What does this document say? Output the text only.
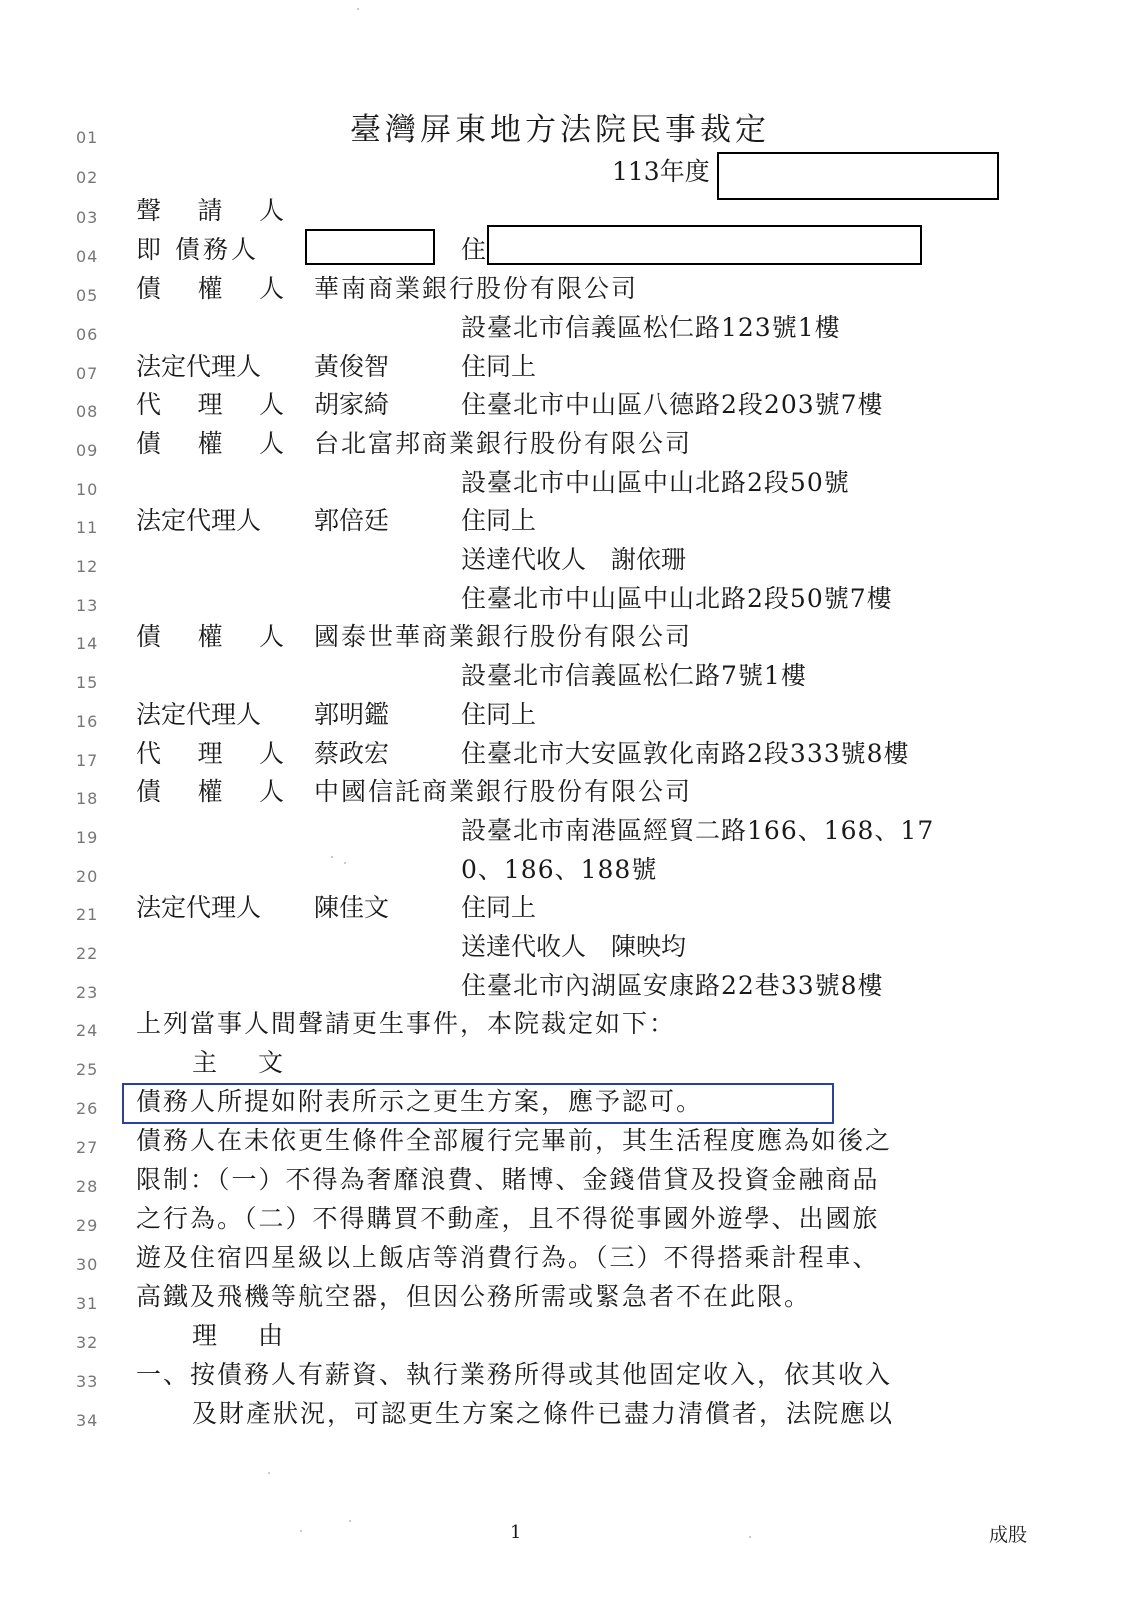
臺灣屏東地方法院民事裁定
01
02
03
04
05
06
07
08
09
10
11
12
13
14
15
16
17
18
19
20
21
22
23
24
25
26
27
28
29
30
31
32
33
34
113年度
聲 請 人
即 債務人	住
債 權 人 華南商業銀行股份有限公司
設臺北市信義區松仁路123號1樓
法定代理人 黃俊智	住同上
代 理 人 胡家綺	住臺北市中山區八德路2段203號7樓
債 權 人 台北富邦商業銀行股份有限公司
設臺北市中山區中山北路2段50號
法定代理人 郭倍廷	住同上
送達代收人　謝依珊
住臺北市中山區中山北路2段50號7樓
債 權 人 國泰世華商業銀行股份有限公司
設臺北市信義區松仁路7號1樓
法定代理人 郭明鑑	住同上
代 理 人 蔡政宏	住臺北市大安區敦化南路2段333號8樓
債 權 人 中國信託商業銀行股份有限公司
設臺北市南港區經貿二路166、168、17
0、186、188號
法定代理人 陳佳文	住同上
送達代收人　陳映均
住臺北市內湖區安康路22巷33號8樓
上列當事人間聲請更生事件，本院裁定如下：
主　文
債務人所提如附表所示之更生方案，應予認可。
債務人在未依更生條件全部履行完畢前，其生活程度應為如後之
限制：（一）不得為奢靡浪費、賭博、金錢借貸及投資金融商品
之行為。（二）不得購買不動產，且不得從事國外遊學、出國旅
遊及住宿四星級以上飯店等消費行為。（三）不得搭乘計程車、
高鐵及飛機等航空器，但因公務所需或緊急者不在此限。
理　由
一、按債務人有薪資、執行業務所得或其他固定收入，依其收入
及財產狀況，可認更生方案之條件已盡力清償者，法院應以
1	成股
